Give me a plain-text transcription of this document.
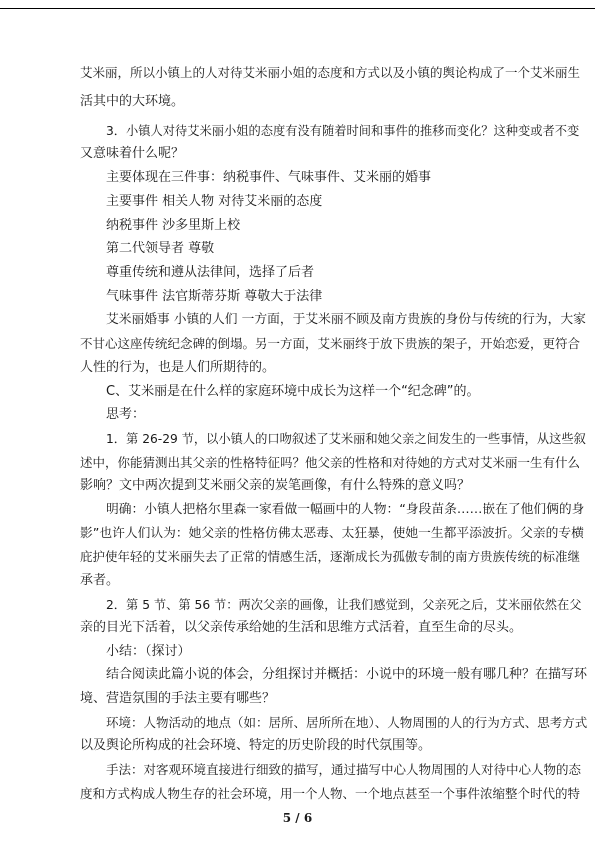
艾米丽，所以小镇上的人对待艾米丽小姐的态度和方式以及小镇的舆论构成了一个艾米丽生
活其中的大环境。
3．小镇人对待艾米丽小姐的态度有没有随着时间和事件的推移而变化？这种变或者不变
又意味着什么呢？
主要体现在三件事：纳税事件、气味事件、艾米丽的婚事
主要事件 相关人物 对待艾米丽的态度
纳税事件 沙多里斯上校
第二代领导者 尊敬
尊重传统和遵从法律间，选择了后者
气味事件 法官斯蒂芬斯 尊敬大于法律
艾米丽婚事 小镇的人们 一方面，于艾米丽不顾及南方贵族的身份与传统的行为，大家
不甘心这座传统纪念碑的倒塌。另一方面，艾米丽终于放下贵族的架子，开始恋爱，更符合
人性的行为，也是人们所期待的。
C、艾米丽是在什么样的家庭环境中成长为这样一个“纪念碑”的。
思考：
1．第 26-29 节，以小镇人的口吻叙述了艾米丽和她父亲之间发生的一些事情，从这些叙
述中，你能猜测出其父亲的性格特征吗？他父亲的性格和对待她的方式对艾米丽一生有什么
影响？文中两次提到艾米丽父亲的炭笔画像，有什么特殊的意义吗？
明确：小镇人把格尔里森一家看做一幅画中的人物：“身段苗条……嵌在了他们俩的身
影”也许人们认为：她父亲的性格仿佛太恶毒、太狂暴，使她一生都平添波折。父亲的专横
庇护使年轻的艾米丽失去了正常的情感生活，逐渐成长为孤傲专制的南方贵族传统的标准继
承者。
2．第 5 节、第 56 节：两次父亲的画像，让我们感觉到，父亲死之后，艾米丽依然在父
亲的目光下活着，以父亲传承给她的生活和思维方式活着，直至生命的尽头。
小结：（探讨）
结合阅读此篇小说的体会，分组探讨并概括：小说中的环境一般有哪几种？在描写环
境、营造氛围的手法主要有哪些？
环境：人物活动的地点（如：居所、居所所在地）、人物周围的人的行为方式、思考方式
以及舆论所构成的社会环境、特定的历史阶段的时代氛围等。
手法：对客观环境直接进行细致的描写，通过描写中心人物周围的人对待中心人物的态
度和方式构成人物生存的社会环境，用一个人物、一个地点甚至一个事件浓缩整个时代的特
5 / 6
